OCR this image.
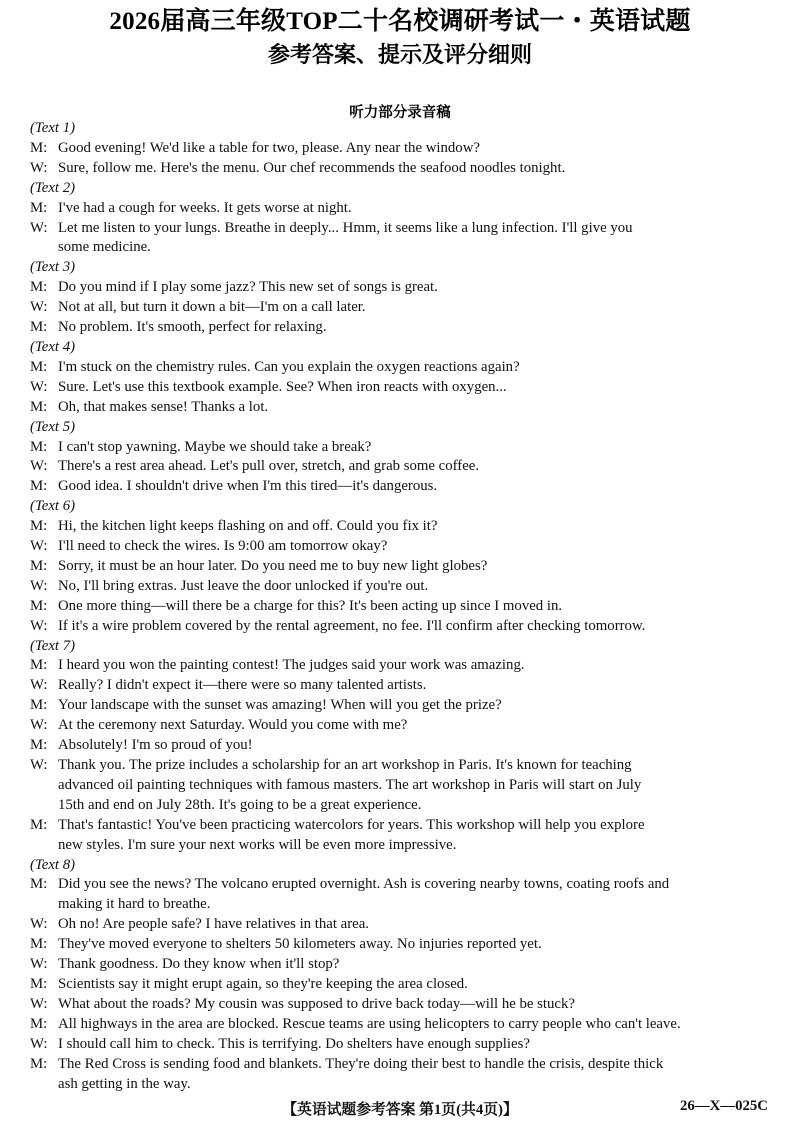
2026届高三年级TOP二十名校调研考试一・英语试题
参考答案、提示及评分细则
听力部分录音稿
(Text 1)
M: Good evening! We'd like a table for two, please. Any near the window?
W: Sure, follow me. Here's the menu. Our chef recommends the seafood noodles tonight.
(Text 2)
M: I've had a cough for weeks. It gets worse at night.
W: Let me listen to your lungs. Breathe in deeply... Hmm, it seems like a lung infection. I'll give you
some medicine.
(Text 3)
M: Do you mind if I play some jazz? This new set of songs is great.
W: Not at all, but turn it down a bit—I'm on a call later.
M: No problem. It's smooth, perfect for relaxing.
(Text 4)
M: I'm stuck on the chemistry rules. Can you explain the oxygen reactions again?
W: Sure. Let's use this textbook example. See? When iron reacts with oxygen...
M: Oh, that makes sense! Thanks a lot.
(Text 5)
M: I can't stop yawning. Maybe we should take a break?
W: There's a rest area ahead. Let's pull over, stretch, and grab some coffee.
M: Good idea. I shouldn't drive when I'm this tired—it's dangerous.
(Text 6)
M: Hi, the kitchen light keeps flashing on and off. Could you fix it?
W: I'll need to check the wires. Is 9:00 am tomorrow okay?
M: Sorry, it must be an hour later. Do you need me to buy new light globes?
W: No, I'll bring extras. Just leave the door unlocked if you're out.
M: One more thing—will there be a charge for this? It's been acting up since I moved in.
W: If it's a wire problem covered by the rental agreement, no fee. I'll confirm after checking tomorrow.
(Text 7)
M: I heard you won the painting contest! The judges said your work was amazing.
W: Really? I didn't expect it—there were so many talented artists.
M: Your landscape with the sunset was amazing! When will you get the prize?
W: At the ceremony next Saturday. Would you come with me?
M: Absolutely! I'm so proud of you!
W: Thank you. The prize includes a scholarship for an art workshop in Paris. It's known for teaching
advanced oil painting techniques with famous masters. The art workshop in Paris will start on July
15th and end on July 28th. It's going to be a great experience.
M: That's fantastic! You've been practicing watercolors for years. This workshop will help you explore
new styles. I'm sure your next works will be even more impressive.
(Text 8)
M: Did you see the news? The volcano erupted overnight. Ash is covering nearby towns, coating roofs and
making it hard to breathe.
W: Oh no! Are people safe? I have relatives in that area.
M: They've moved everyone to shelters 50 kilometers away. No injuries reported yet.
W: Thank goodness. Do they know when it'll stop?
M: Scientists say it might erupt again, so they're keeping the area closed.
W: What about the roads? My cousin was supposed to drive back today—will he be stuck?
M: All highways in the area are blocked. Rescue teams are using helicopters to carry people who can't leave.
W: I should call him to check. This is terrifying. Do shelters have enough supplies?
M: The Red Cross is sending food and blankets. They're doing their best to handle the crisis, despite thick
ash getting in the way.
【英语试题参考答案 第1页(共4页)】	26—X—025C
